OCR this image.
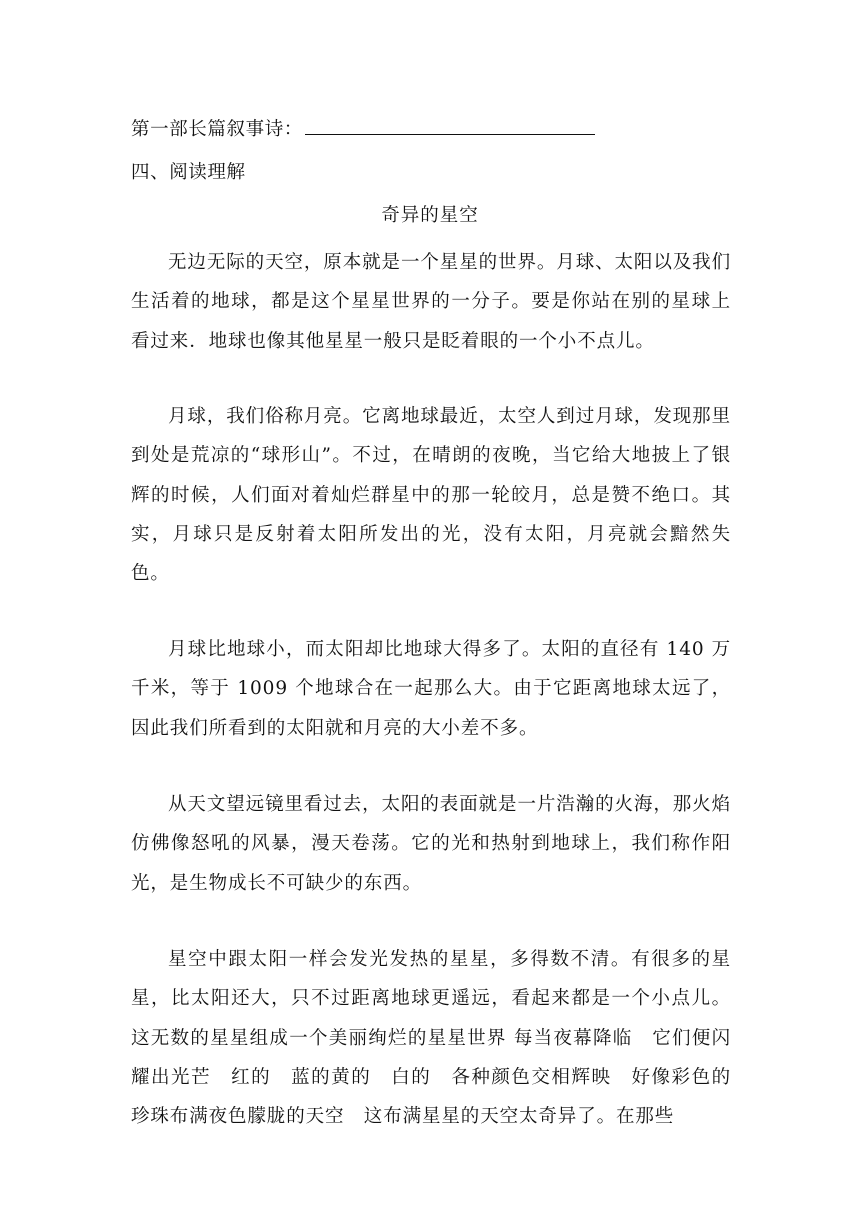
第一部长篇叙事诗：
四、阅读理解
奇异的星空
无边无际的天空，原本就是一个星星的世界。月球、太阳以及我们生活着的地球，都是这个星星世界的一分子。要是你站在别的星球上看过来．地球也像其他星星一般只是眨着眼的一个小不点儿。
月球，我们俗称月亮。它离地球最近，太空人到过月球，发现那里到处是荒凉的“球形山”。不过，在晴朗的夜晚，当它给大地披上了银辉的时候，人们面对着灿烂群星中的那一轮皎月，总是赞不绝口。其实，月球只是反射着太阳所发出的光，没有太阳，月亮就会黯然失色。
月球比地球小，而太阳却比地球大得多了。太阳的直径有 140 万千米，等于 1009 个地球合在一起那么大。由于它距离地球太远了，因此我们所看到的太阳就和月亮的大小差不多。
从天文望远镜里看过去，太阳的表面就是一片浩瀚的火海，那火焰仿佛像怒吼的风暴，漫天卷荡。它的光和热射到地球上，我们称作阳光，是生物成长不可缺少的东西。
星空中跟太阳一样会发光发热的星星，多得数不清。有很多的星星，比太阳还大，只不过距离地球更遥远，看起来都是一个小点儿。这无数的星星组成一个美丽绚烂的星星世界 每当夜幕降临　它们便闪耀出光芒　红的　蓝的黄的　白的　各种颜色交相辉映　好像彩色的珍珠布满夜色朦胧的天空　这布满星星的天空太奇异了。在那些
